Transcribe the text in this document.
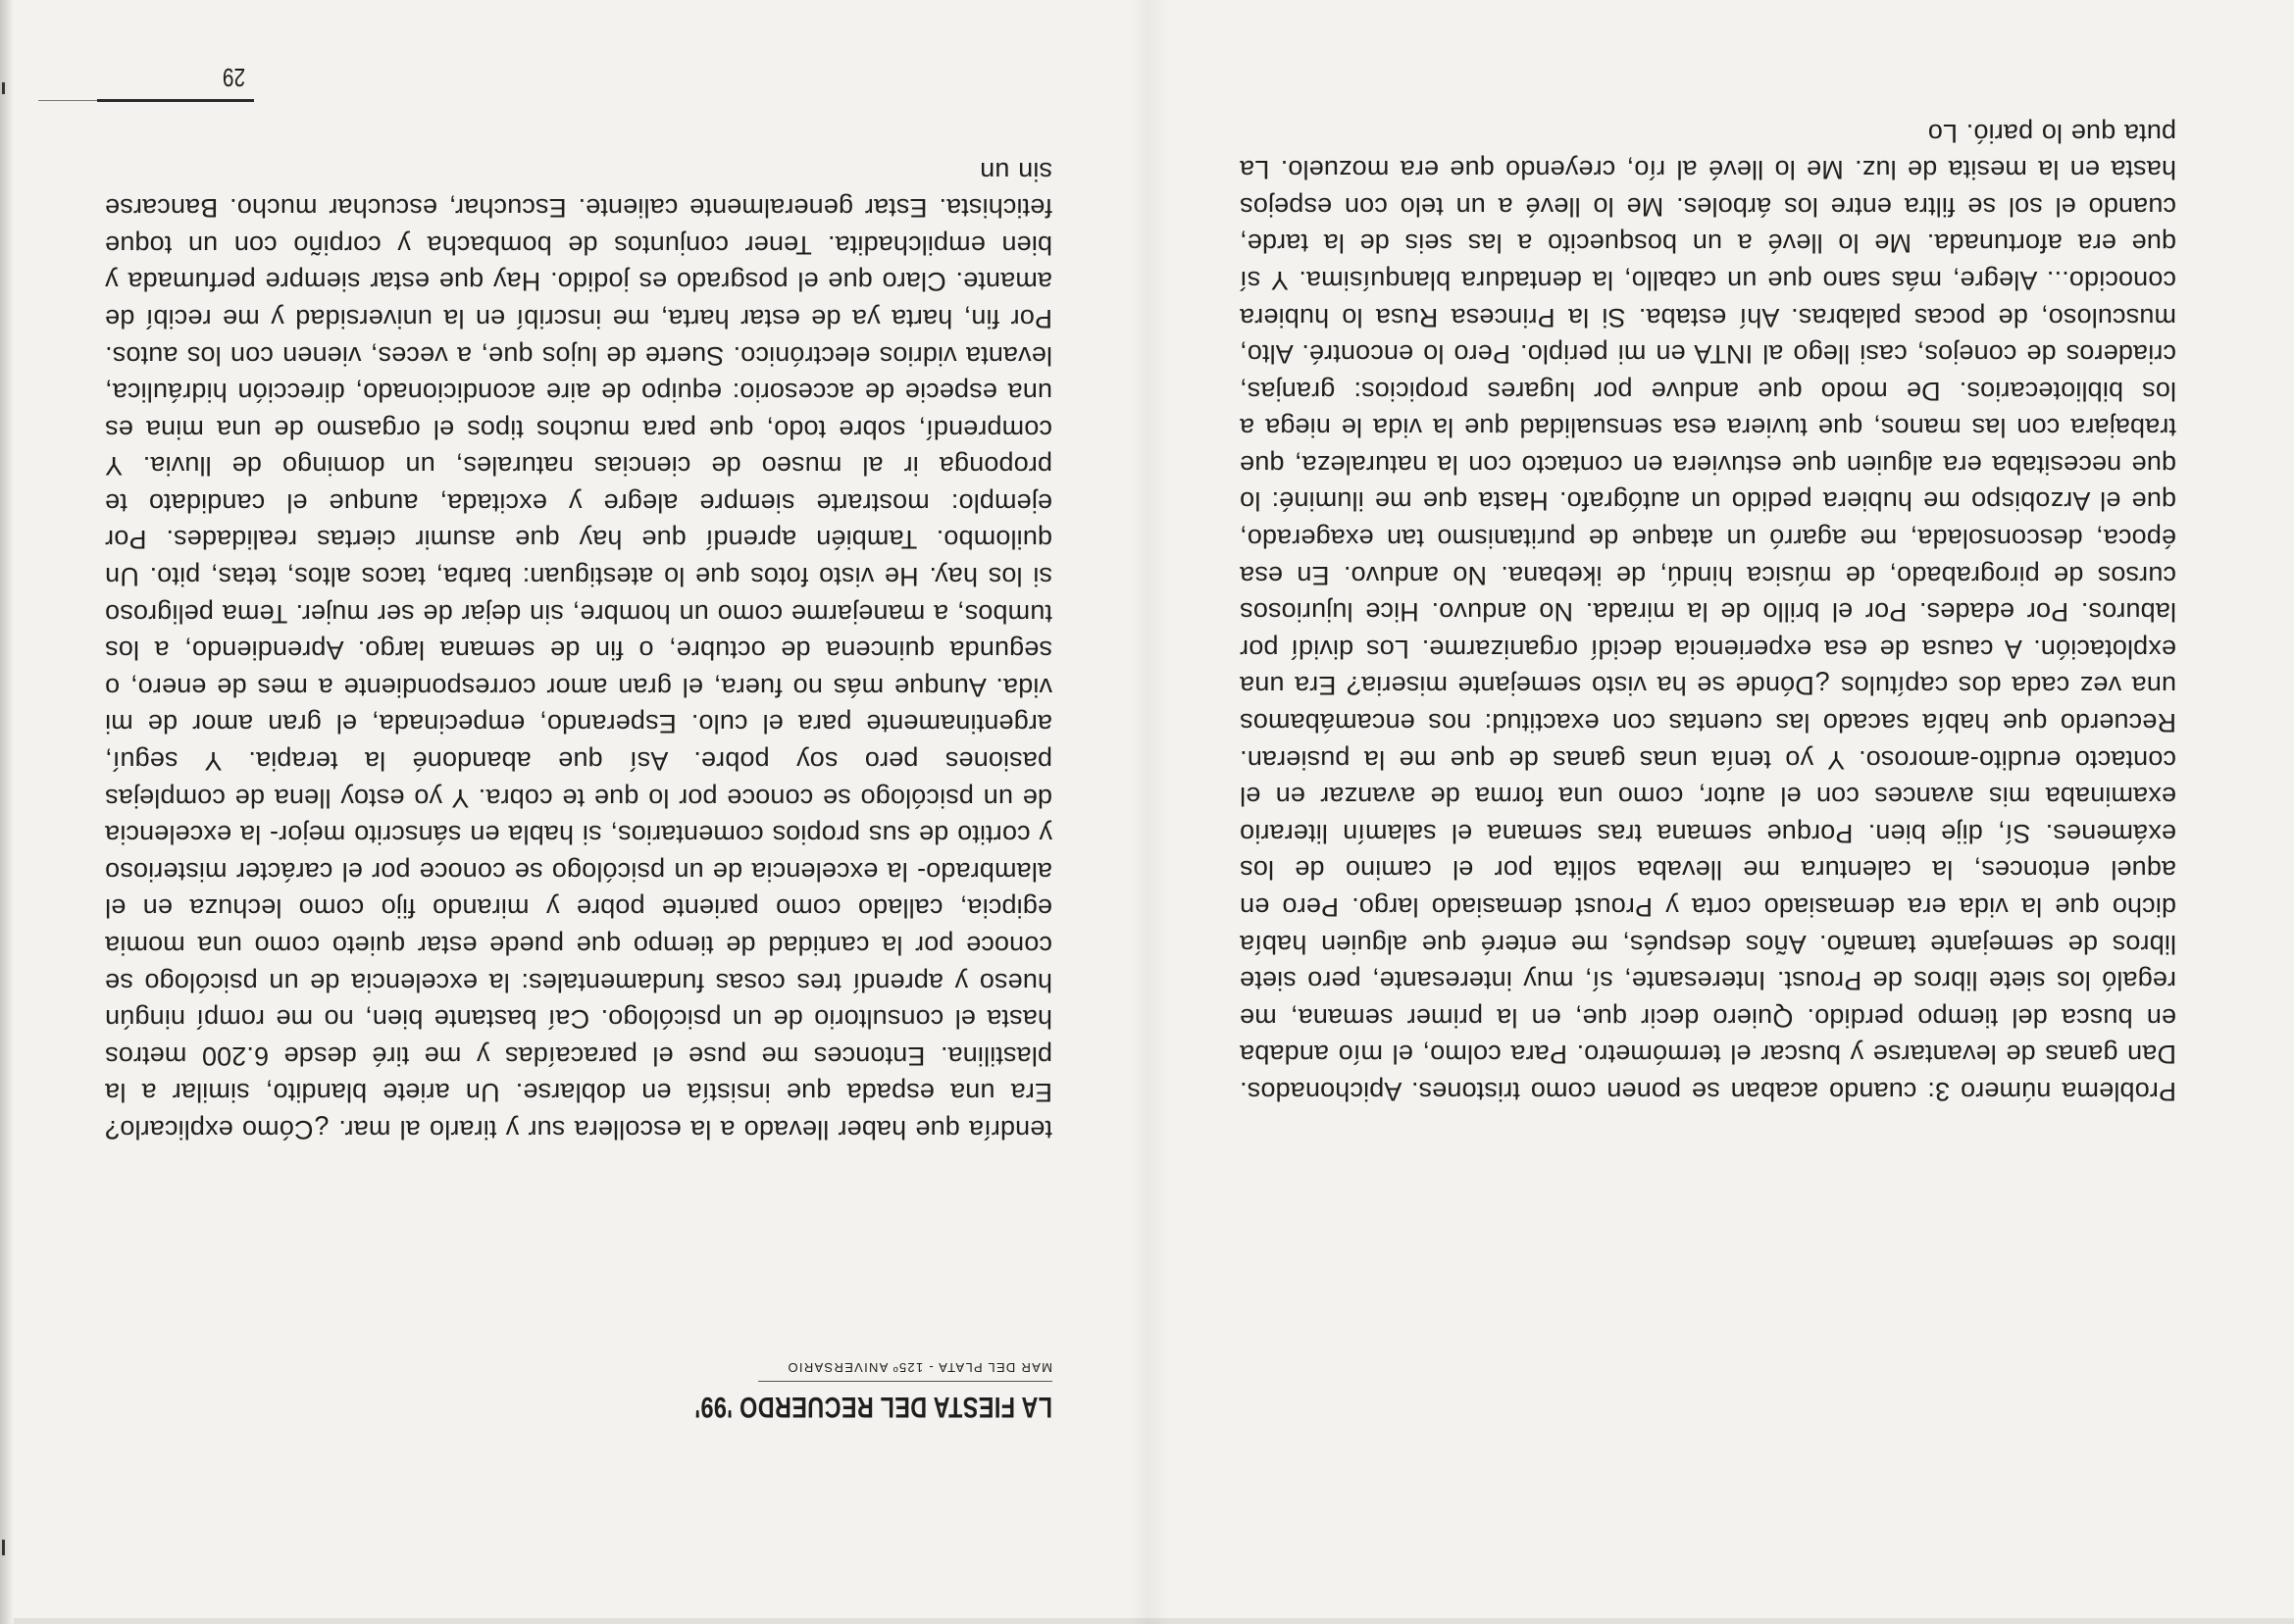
Problema número 3: cuando acaban se ponen como tristones. Apichonados. Dan ganas de levantarse y buscar el termómetro. Para colmo, el mío andaba en busca del tiempo perdido. Quiero decir que, en la primer semana, me regaló los siete libros de Proust. Interesante, sí, muy interesante, pero siete libros de semejante tamaño. Años después, me enteré que alguien había dicho que la vida era demasiado corta y Proust demasiado largo. Pero en aquel entonces, la calentura me llevaba solita por el camino de los exámenes. Sí, dije bien. Porque semana tras semana el salamín literario examinaba mis avances con el autor, como una forma de avanzar en el contacto erudito-amoroso. Y yo tenía unas ganas de que me la pusieran. Recuerdo que había sacado las cuentas con exactitud: nos encamábamos una vez cada dos capítulos ¿Dónde se ha visto semejante miseria? Era una explotación. A causa de esa experiencia decidí organizarme. Los dividí por laburos. Por edades. Por el brillo de la mirada. No anduvo. Hice lujuriosos cursos de pirograbado, de música hindú, de ikebana. No anduvo. En esa época, desconsolada, me agarró un ataque de puritanismo tan exagerado, que el Arzobispo me hubiera pedido un autógrafo. Hasta que me iluminé: lo que necesitaba era alguien que estuviera en contacto con la naturaleza, que trabajara con las manos, que tuviera esa sensualidad que la vida le niega a los bibliotecarios. De modo que anduve por lugares propicios: granjas, criaderos de conejos, casi llego al INTA en mi periplo. Pero lo encontré. Alto, musculoso, de pocas palabras. Ahí estaba. Si la Princesa Rusa lo hubiera conocido... Alegre, más sano que un caballo, la dentadura blanquísima. Y sí que era afortunada. Me lo llevé a un bosquecito a las seis de la tarde, cuando el sol se filtra entre los árboles. Me lo llevé a un telo con espejos hasta en la mesita de luz. Me lo llevé al río, creyendo que era mozuelo. La puta que lo parió. Lo

LA FIESTA DEL RECUERDO '99'
MAR DEL PLATA - 125º ANIVERSARIO

tendría que haber llevado a la escollera sur y tirarlo al mar. ¿Cómo explicarlo? Era una espada que insistía en doblarse. Un ariete blandito, similar a la plastilina. Entonces me puse el paracaídas y me tiré desde 6.200 metros hasta el consultorio de un psicólogo. Caí bastante bien, no me rompí ningún hueso y aprendí tres cosas fundamentales: la excelencia de un psicólogo se conoce por la cantidad de tiempo que puede estar quieto como una momia egipcia, callado como pariente pobre y mirando fijo como lechuza en el alambrado- la excelencia de un psicólogo se conoce por el carácter misterioso y cortito de sus propios comentarios, si habla en sánscrito mejor- la excelencia de un psicólogo se conoce por lo que te cobra. Y yo estoy llena de complejas pasiones pero soy pobre. Así que abandoné la terapia. Y seguí, argentinamente para el culo. Esperando, empecinada, el gran amor de mi vida. Aunque más no fuera, el gran amor correspondiente a mes de enero, o segunda quincena de octubre, o fin de semana largo. Aprendiendo, a los tumbos, a manejarme como un hombre, sin dejar de ser mujer. Tema peligroso si los hay. He visto fotos que lo atestiguan: barba, tacos altos, tetas, pito. Un quilombo. También aprendí que hay que asumir ciertas realidades. Por ejemplo: mostrarte siempre alegre y excitada, aunque el candidato te proponga ir al museo de ciencias naturales, un domingo de lluvia. Y comprendí, sobre todo, que para muchos tipos el orgasmo de una mina es una especie de accesorio: equipo de aire acondicionado, dirección hidráulica, levanta vidrios electrónico. Suerte de lujos que, a veces, vienen con los autos. Por fin, harta ya de estar harta, me inscribí en la universidad y me recibí de amante. Claro que el posgrado es jodido. Hay que estar siempre perfumada y bien empilchadita. Tener conjuntos de bombacha y corpiño con un toque fetichista. Estar generalmente caliente. Escuchar, escuchar mucho. Bancarse sin un

29
